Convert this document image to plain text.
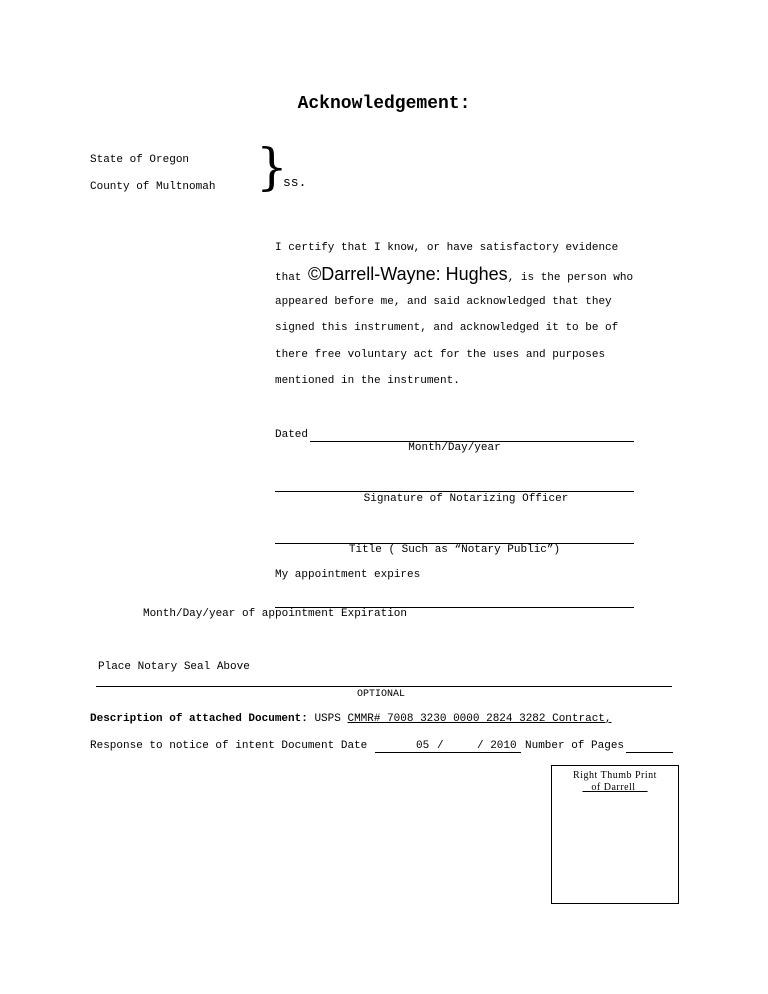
Acknowledgement:
State of Oregon
County of Multnomah }
ss.
I certify that I know, or have satisfactory evidence
that ©Darrell-Wayne: Hughes, is the person who
appeared before me, and said acknowledged that they
signed this instrument, and acknowledged it to be of
there free voluntary act for the uses and purposes
mentioned in the instrument.
Dated
Month/Day/year
Signature of Notarizing Officer
Title ( Such as “Notary Public”)
My appointment expires
Month/Day/year of appointment Expiration
Place Notary Seal Above
OPTIONAL
Description of attached Document: USPS CMMR# 7008 3230 0000 2824 3282 Contract,
Response to notice of intent Document Date	05 /	/ 2010 Number of Pages
Right Thumb Print
of Darrell
